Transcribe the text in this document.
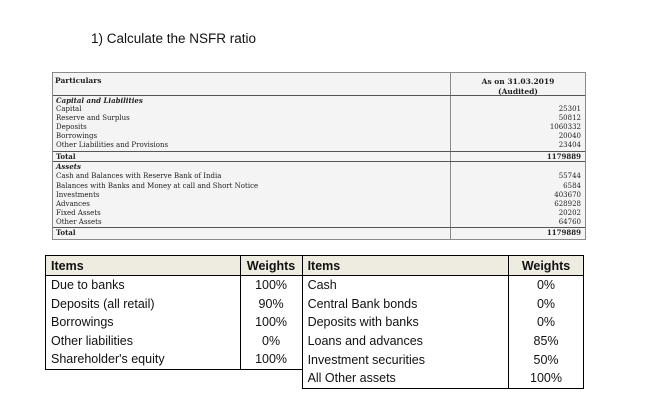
1) Calculate the NSFR ratio
Particulars	As on 31.03.2019
(Audited)
Capital and Liabilities
Capital	25301
Reserve and Surplus	50812
Deposits	1060332
Borrowings	20040
Other Liabilities and Provisions	23404
Total	1179889
Assets
Cash and Balances with Reserve Bank of India	55744
Balances with Banks and Money at call and Short Notice	6584
Investments	403670
Advances	628928
Fixed Assets	20202
Other Assets	64760
Total	1179889
Items	Weights	Items	Weights
Due to banks	100%	Cash	0%
Deposits (all retail)	90%	Central Bank bonds	0%
Borrowings	100%	Deposits with banks	0%
Other liabilities	0%	Loans and advances	85%
Shareholder's equity	100%	Investment securities	50%
		All Other assets	100%
